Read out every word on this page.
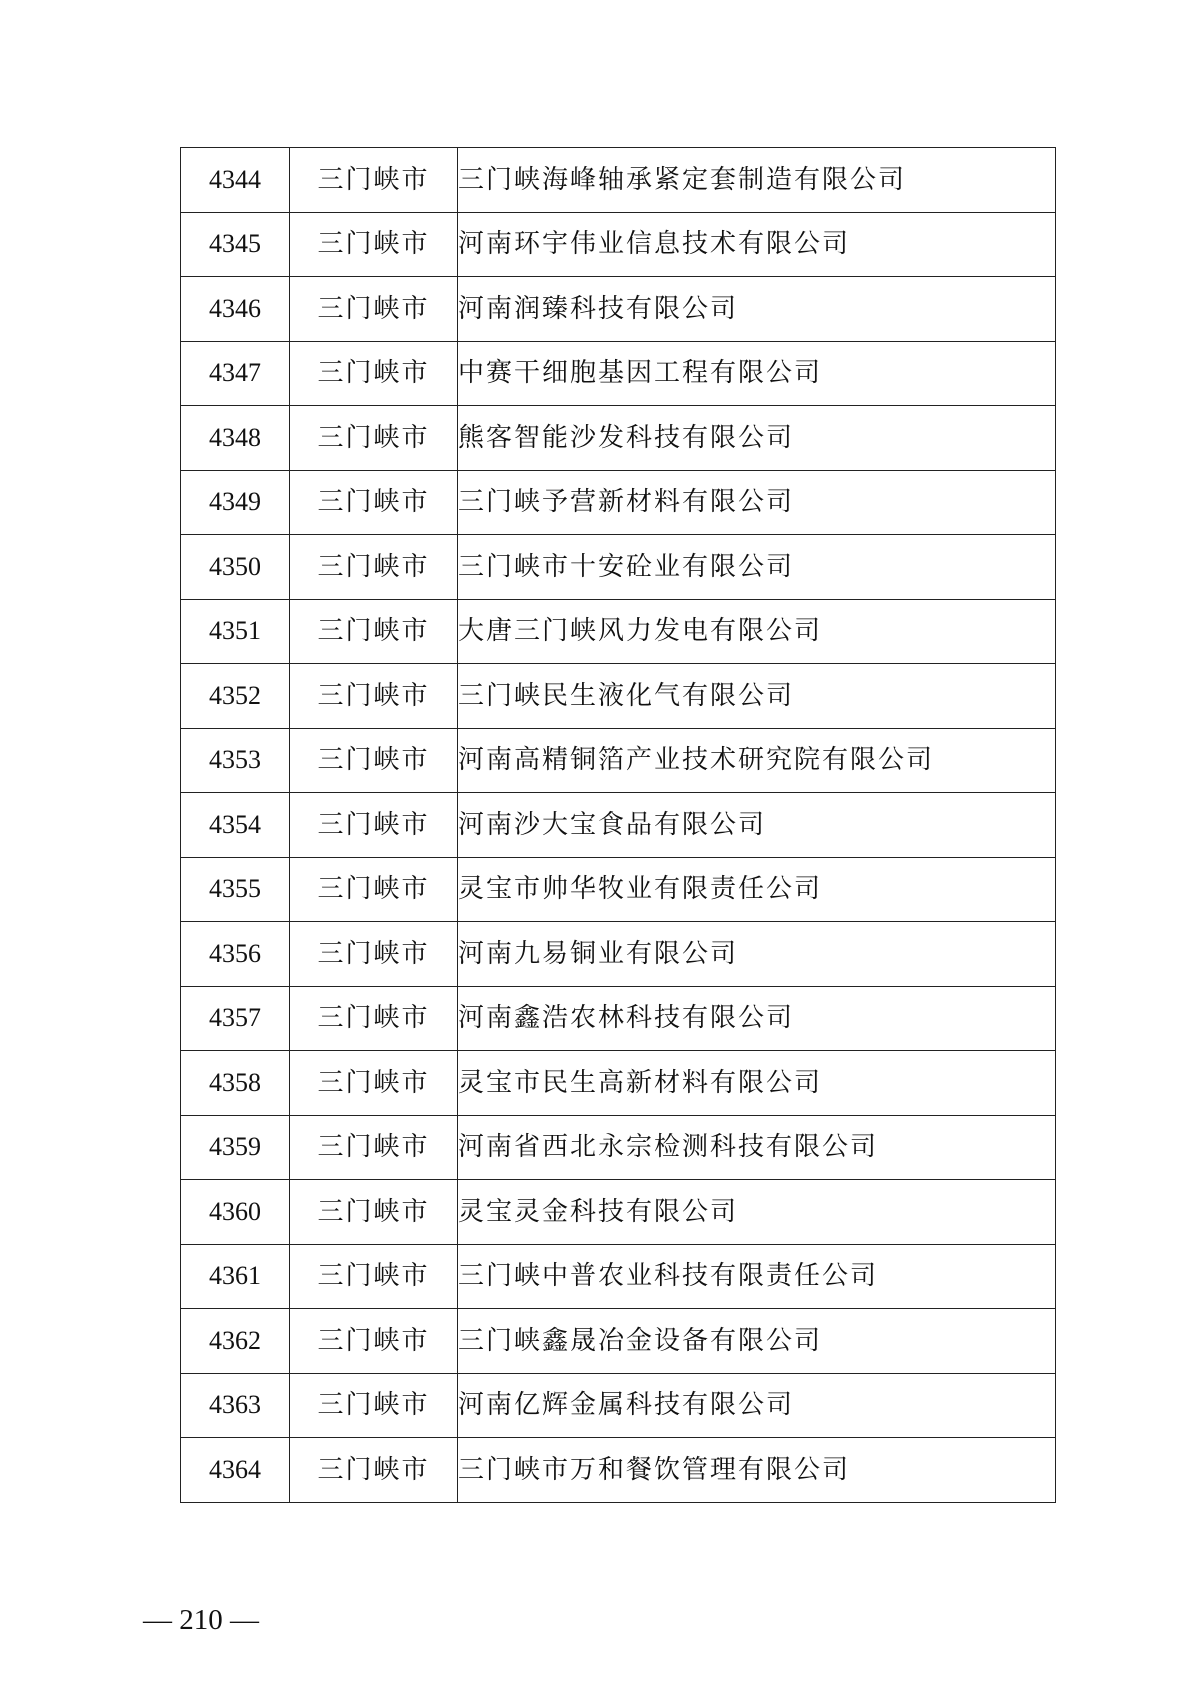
4344	三门峡市	三门峡海峰轴承紧定套制造有限公司
4345	三门峡市	河南环宇伟业信息技术有限公司
4346	三门峡市	河南润臻科技有限公司
4347	三门峡市	中赛干细胞基因工程有限公司
4348	三门峡市	熊客智能沙发科技有限公司
4349	三门峡市	三门峡予营新材料有限公司
4350	三门峡市	三门峡市十安砼业有限公司
4351	三门峡市	大唐三门峡风力发电有限公司
4352	三门峡市	三门峡民生液化气有限公司
4353	三门峡市	河南高精铜箔产业技术研究院有限公司
4354	三门峡市	河南沙大宝食品有限公司
4355	三门峡市	灵宝市帅华牧业有限责任公司
4356	三门峡市	河南九易铜业有限公司
4357	三门峡市	河南鑫浩农林科技有限公司
4358	三门峡市	灵宝市民生高新材料有限公司
4359	三门峡市	河南省西北永宗检测科技有限公司
4360	三门峡市	灵宝灵金科技有限公司
4361	三门峡市	三门峡中普农业科技有限责任公司
4362	三门峡市	三门峡鑫晟冶金设备有限公司
4363	三门峡市	河南亿辉金属科技有限公司
4364	三门峡市	三门峡市万和餐饮管理有限公司
— 210 —
